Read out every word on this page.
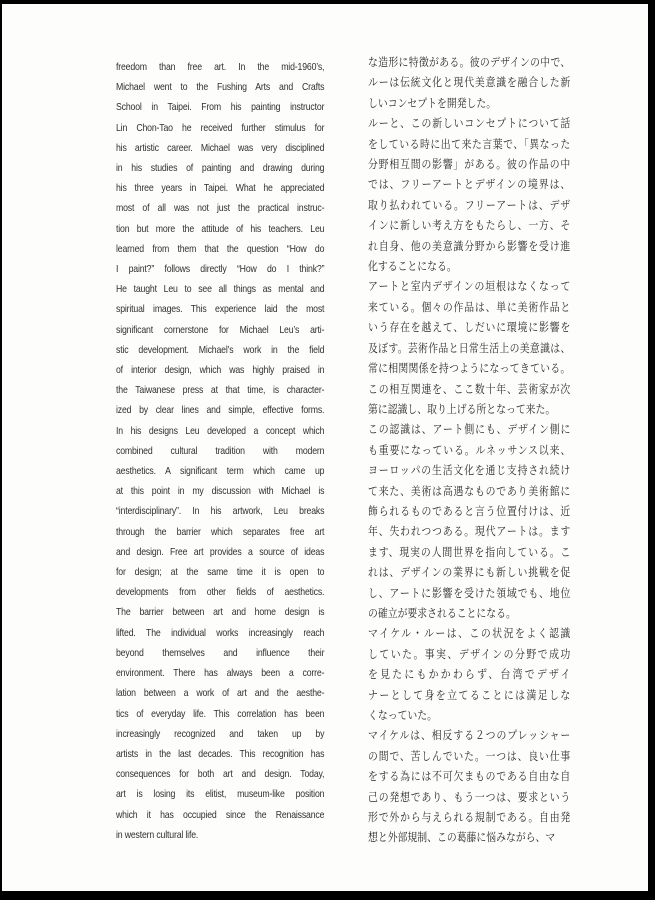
freedom than free art. In the mid-1960’s,
Michael went to the Fushing Arts and Crafts
School in Taipei. From his painting instructor
Lin Chon-Tao he received further stimulus for
his artistic career. Michael was very disciplined
in his studies of painting and drawing during
his three years in Taipei. What he appreciated
most of all was not just the practical instruc-
tion but more the attitude of his teachers. Leu
learned from them that the question “How do
I paint?” follows directly “How do I think?”
He taught Leu to see all things as mental and
spiritual images. This experience laid the most
significant cornerstone for Michael Leu’s arti-
stic development. Michael’s work in the field
of interior design, which was highly praised in
the Taiwanese press at that time, is character-
ized by clear lines and simple, effective forms.
In his designs Leu developed a concept which
combined cultural tradition with modern
aesthetics. A significant term which came up
at this point in my discussion with Michael is
“interdisciplinary”. In his artwork, Leu breaks
through the barrier which separates free art
and design. Free art provides a source of ideas
for design; at the same time it is open to
developments from other fields of aesthetics.
The barrier between art and home design is
lifted. The individual works increasingly reach
beyond themselves and influence their
environment. There has always been a corre-
lation between a work of art and the aesthe-
tics of everyday life. This correlation has been
increasingly recognized and taken up by
artists in the last decades. This recognition has
consequences for both art and design. Today,
art is losing its elitist, museum-like position
which it has occupied since the Renaissance
in western cultural life.
な造形に特徴がある。彼のデザインの中で、
ルーは伝統文化と現代美意識を融合した新
しいコンセプトを開発した。
ルーと、この新しいコンセプトについて話
をしている時に出て来た言葉で、「異なった
分野相互間の影響」がある。彼の作品の中
では、フリーアートとデザインの境界は、
取り払われている。フリーアートは、デザ
インに新しい考え方をもたらし、一方、そ
れ自身、他の美意識分野から影響を受け進
化することになる。
アートと室内デザインの垣根はなくなって
来ている。個々の作品は、単に美術作品と
いう存在を越えて、しだいに環境に影響を
及ぼす。芸術作品と日常生活上の美意識は、
常に相関関係を持つようになってきている。
この相互関連を、ここ数十年、芸術家が次
第に認識し、取り上げる所となって来た。
この認識は、アート側にも、デザイン側に
も重要になっている。ルネッサンス以来、
ヨーロッパの生活文化を通じ支持され続け
て来た、美術は高遇なものであり美術館に
飾られるものであると言う位置付けは、近
年、失われつつある。現代アートは。ます
ます、現実の人間世界を指向している。こ
れは、デザインの業界にも新しい挑戦を促
し、アートに影響を受けた領域でも、地位
の確立が要求されることになる。
マイケル・ルーは、この状況をよく認識
していた。事実、デザインの分野で成功
を見たにもかかわらず、台湾でデザイ
ナーとして身を立てることには満足しな
くなっていた。
マイケルは、相反する２つのプレッシャー
の間で、苦しんでいた。一つは、良い仕事
をする為には不可欠まものである自由な自
己の発想であり、もう一つは、要求という
形で外から与えられる規制である。自由発
想と外部規制、この葛藤に悩みながら、マ
